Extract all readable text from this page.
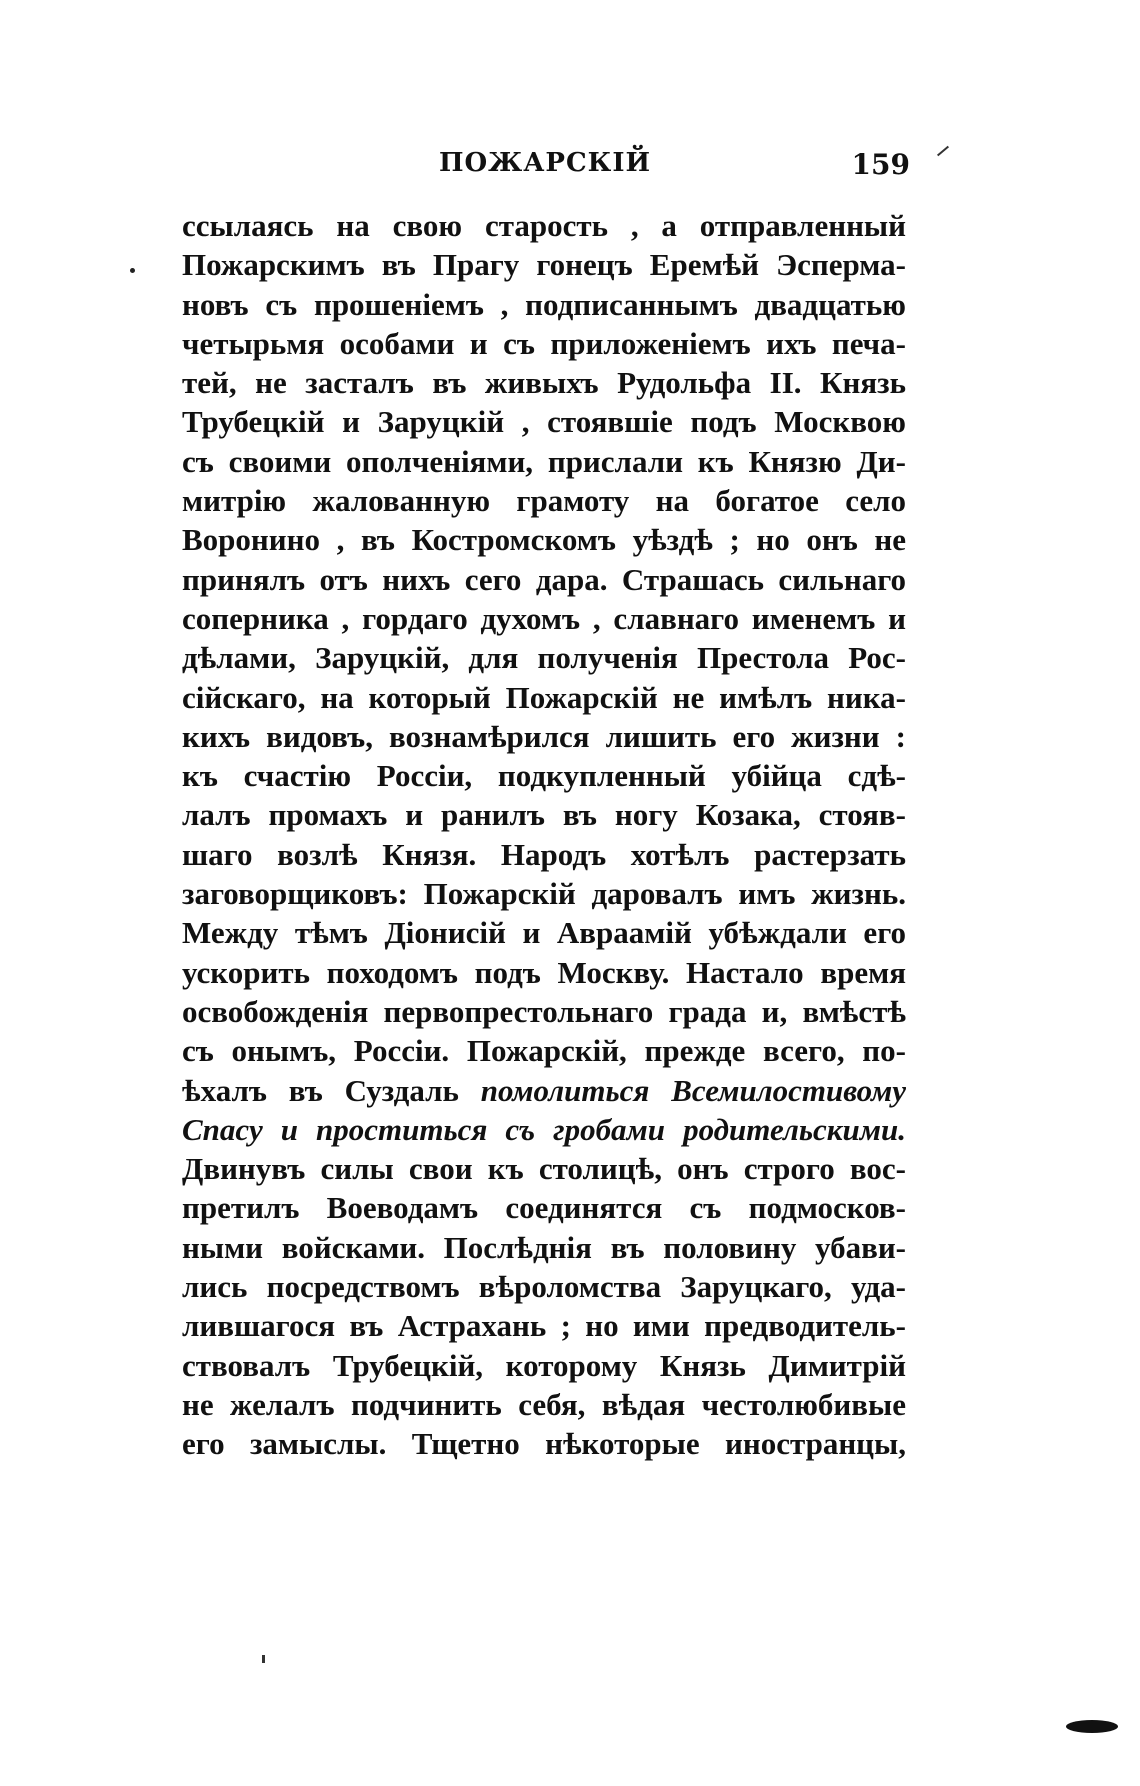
ПОЖАРСКІЙ	159
ссылаясь на свою старость , а отправленный
Пожарскимъ въ Прагу гонецъ Еремѣй Эсперма-
новъ съ прошеніемъ , подписаннымъ двадцатью
четырьмя особами и съ приложеніемъ ихъ печа-
тей, не засталъ въ живыхъ Рудольфа II. Князь
Трубецкій и Заруцкій , стоявшіе подъ Москвою
съ своими ополченіями, прислали къ Князю Ди-
митрію жалованную грамоту на богатое село
Воронино , въ Костромскомъ уѣздѣ ; но онъ не
принялъ отъ нихъ сего дара. Страшась сильнаго
соперника , гордаго духомъ , славнаго именемъ и
дѣлами, Заруцкій, для полученія Престола Рос-
сійскаго, на который Пожарскій не имѣлъ ника-
кихъ видовъ, вознамѣрился лишить его жизни :
къ счастію Россіи, подкупленный убійца сдѣ-
лалъ промахъ и ранилъ въ ногу Козака, стояв-
шаго возлѣ Князя. Народъ хотѣлъ растерзать
заговорщиковъ: Пожарскій даровалъ имъ жизнь.
Между тѣмъ Діонисій и Авраамій убѣждали его
ускорить походомъ подъ Москву. Настало время
освобожденія первопрестольнаго града и, вмѣстѣ
съ онымъ, Россіи. Пожарскій, прежде всего, по-
ѣхалъ въ Суздаль помолиться Всемилостивому
Спасу и проститься съ гробами родительскими.
Двинувъ силы свои къ столицѣ, онъ строго вос-
претилъ Воеводамъ соединятся съ подмосков-
ными войсками. Послѣднія въ половину убави-
лись посредствомъ вѣроломства Заруцкаго, уда-
лившагося въ Астрахань ; но ими предводитель-
ствовалъ Трубецкій, которому Князь Димитрій
не желалъ подчинить себя, вѣдая честолюбивые
его замыслы. Тщетно нѣкоторые иностранцы,
